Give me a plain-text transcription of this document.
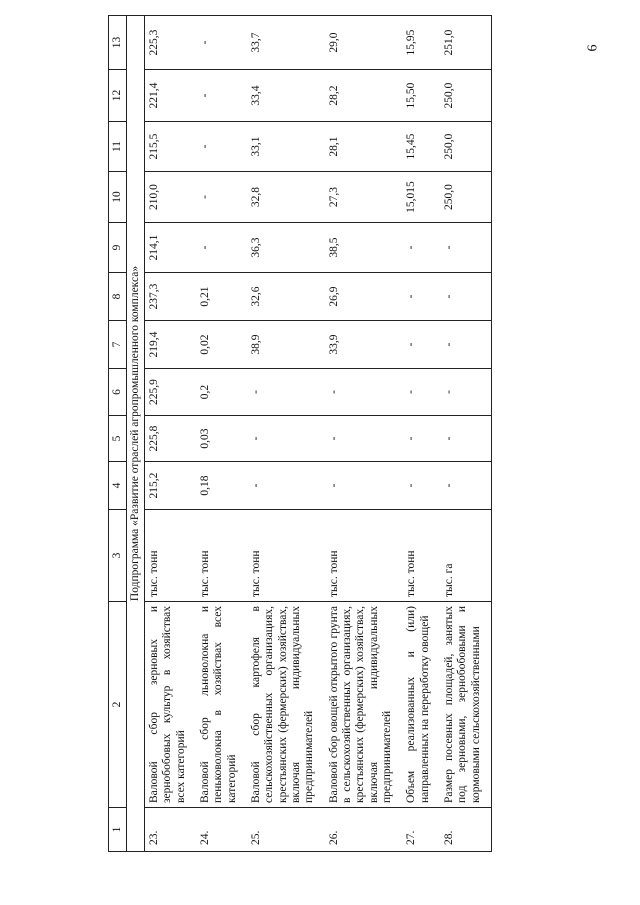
6
1	2	3	4	5	6	7	8	9	10	11	12	13
Подпрограмма «Развитие отраслей агропромышленного комплекса»												
23.	Валовой сбор зерновых и зернобобовых культур в хозяйствах всех категорий	тыс. тонн	215,2	225,8	225,9	219,4	237,3	214,1	210,0	215,5	221,4	225,3
24.	Валовой сбор льноволокна и пеньковолокна в хозяйствах всех категорий	тыс. тонн	0,18	0,03	0,2	0,02	0,21	-	-	-	-	-
25.	Валовой сбор картофеля в сельскохозяйственных организациях, крестьянских (фермерских) хозяйствах, включая индивидуальных предпринимателей	тыс. тонн	-	-	-	38,9	32,6	36,3	32,8	33,1	33,4	33,7
26.	Валовой сбор овощей открытого грунта в сельскохозяйственных организациях, крестьянских (фермерских) хозяйствах, включая индивидуальных предпринимателей	тыс. тонн	-	-	-	33,9	26,9	38,5	27,3	28,1	28,2	29,0
27.	Объем реализованных и (или) направленных на переработку овощей	тыс. тонн	-	-	-	-	-	-	15,015	15,45	15,50	15,95
28.	Размер посевных площадей, занятых под зерновыми, зернобобовыми и кормовыми сельскохозяйственными	тыс. га	-	-	-	-	-	-	250,0	250,0	250,0	251,0
